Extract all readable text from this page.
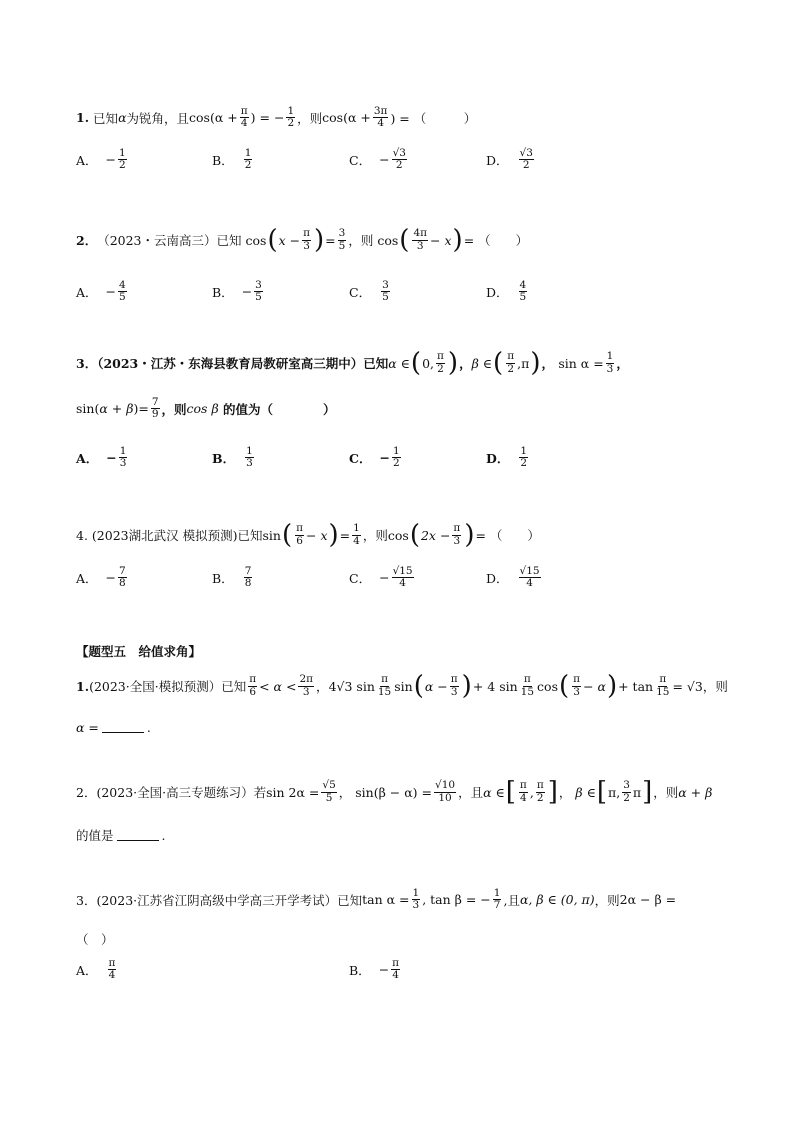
1.
已知 α 为锐角，且 $\cos(\alpha + \frac{\pi}{4}$ ) = − $\frac{1}{2}$ ，则 $\cos(\alpha + \frac{3\pi}{4}$ ) = （　　　）
A． − $\frac{1}{2}$	B． $\frac{1}{2}$	C． − $\frac{√3}{2}$	D． $\frac{√3}{2}$
2． （2023・云南高三）已知
cos ( $x - \frac{\pi}{3}$ ) = $\frac{3}{5}$ ，则
cos ( $\frac{4\pi}{3} - x$ ) = （　　）
A． − $\frac{4}{5}$	B． − $\frac{3}{5}$	C． $\frac{3}{5}$	D． $\frac{4}{5}$
3．（2023・江苏・东海县教育局教研室高三期中）已知 α ∈ ( 0, $\frac{\pi}{2}$ ) ， β ∈ ( $\frac{\pi}{2} ,\pi$ ) ，
$\sin \alpha = \frac{1}{3}$ ，
sin ( α + β ) = $\frac{7}{9}$ ，则 cos β
的值为（　　　　）
A． − $\frac{1}{3}$	B． $\frac{1}{3}$	C． − $\frac{1}{2}$	D． $\frac{1}{2}$
4.
(2023湖北武汉 模拟预测) 已知 sin ( $\frac{\pi}{6} - x$ ) = $\frac{1}{4}$ ，则 cos ( $2x - \frac{\pi}{3}$ ) = （　　）
A． − $\frac{7}{8}$	B． $\frac{7}{8}$	C． − $\frac{√15}{4}$	D． $\frac{√15}{4}$
【题型五　给值求角】
1. (2023·全国·模拟预测）已知 $\frac{\pi}{6} < \alpha < \frac{2\pi}{3}$ ， 4√3 $\sin \frac{\pi}{15}$ sin ( $\alpha - \frac{\pi}{3}$ ) + 4 $\sin \frac{\pi}{15}$ cos ( $\frac{\pi}{3} - \alpha$ ) + $\tan \frac{\pi}{15} = √3$ ，则
α =	.
2．(2023·全国·高三专题练习）若 $\sin 2\alpha = \frac{√5}{5}$ ，
$\sin(\beta - \alpha) = \frac{√10}{10}$ ，且 α ∈ [ $\frac{\pi}{4}$ , $\frac{\pi}{2}$ ] ，
β ∈ [ π, $\frac{3}{2}$ π ] ，则 α + β
的值是	.
3．(2023·江苏省江阴高级中学高三开学考试）已知 $\tan \alpha = \frac{1}{3}$ , tan β = − $\frac{1}{7}$ ,且 α, β ∈ (0, π) ，则 2α − β =
（　）
A． $\frac{\pi}{4}$	B． − $\frac{\pi}{4}$
